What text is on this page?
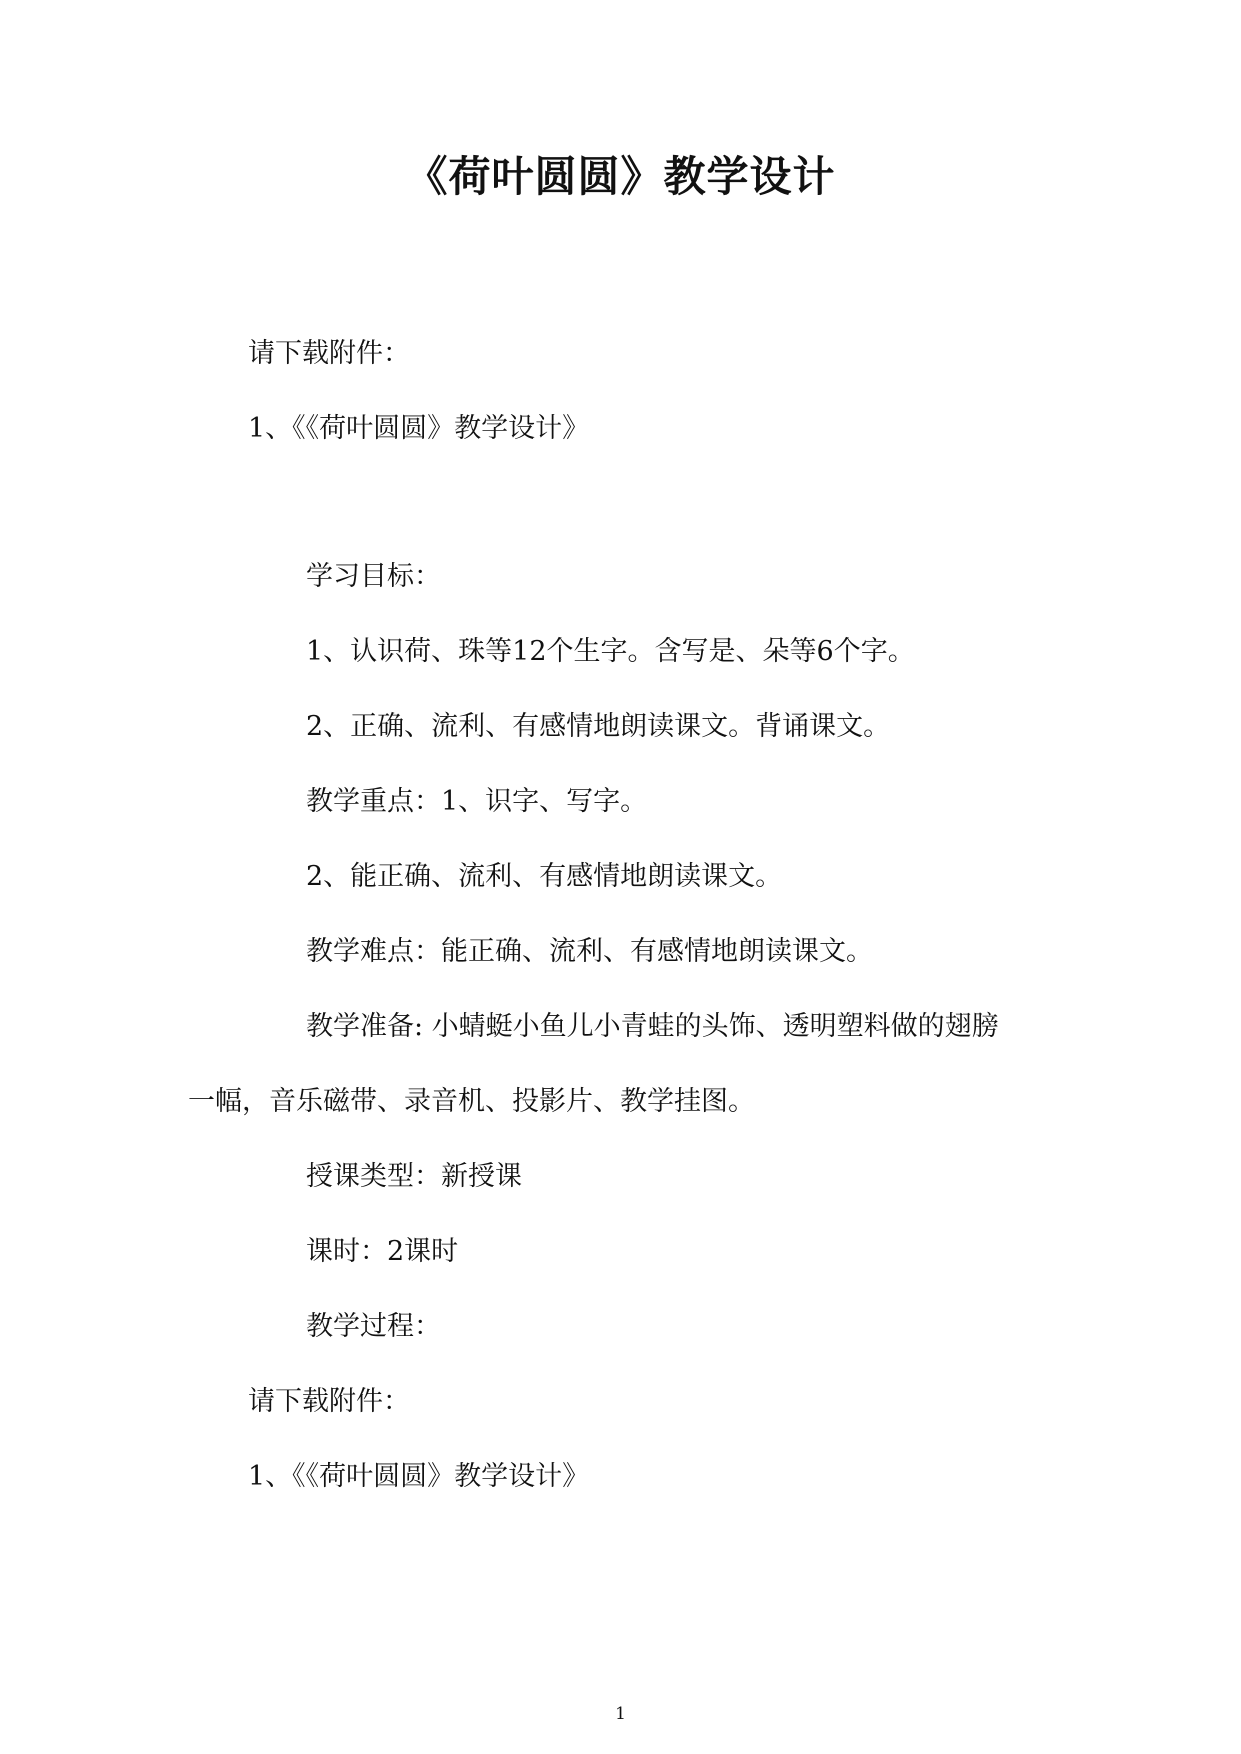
《荷叶圆圆》教学设计
请下载附件：
1、《《荷叶圆圆》教学设计》
学习目标：
1、认识荷、珠等12个生字。含写是、朵等6个字。
2、正确、流利、有感情地朗读课文。背诵课文。
教学重点：1、识字、写字。
2、能正确、流利、有感情地朗读课文。
教学难点：能正确、流利、有感情地朗读课文。
教学准备: 小蜻蜓小鱼儿小青蛙的头饰、透明塑料做的翅膀
一幅，音乐磁带、录音机、投影片、教学挂图。
授课类型：新授课
课时：2课时
教学过程：
请下载附件：
1、《《荷叶圆圆》教学设计》
1
